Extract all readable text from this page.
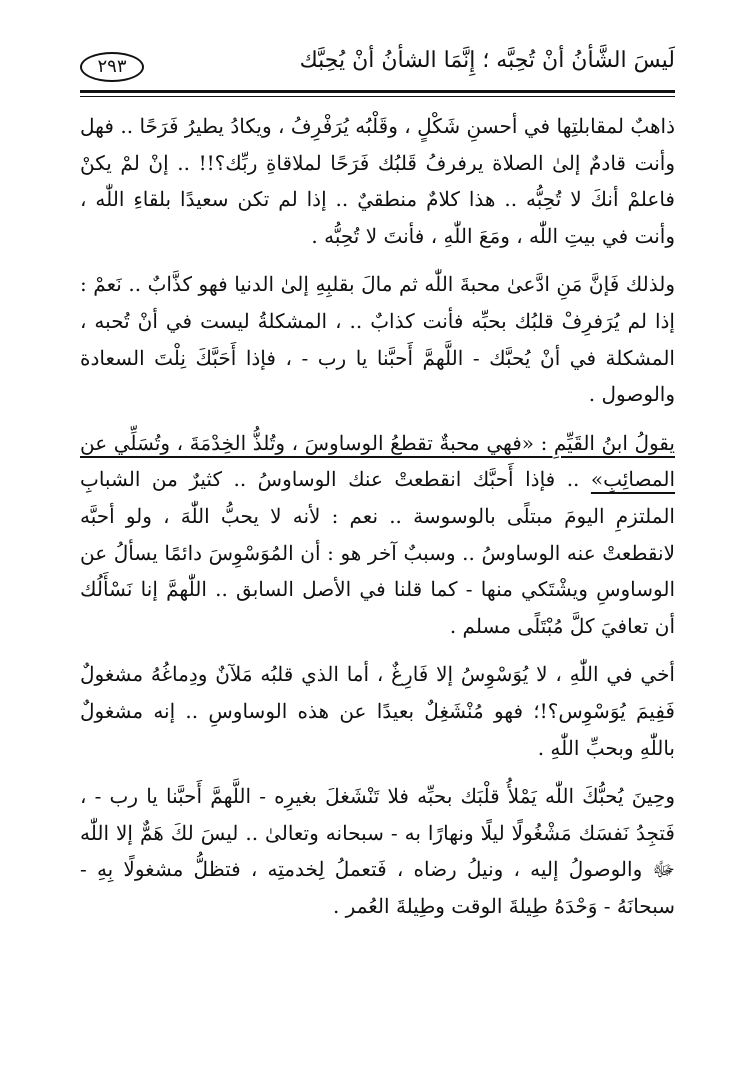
لَيسَ الشَّأنُ أنْ تُحِبَّه ؛ إِنَّمَا الشأنُ أنْ يُحِبَّك
٢٩٣

ذاهبٌ لمقابلتِها في أحسنِ شَكْلٍ ، وقَلْبُه يُرَفْرِفُ ، ويكادُ يطيرُ فَرَحًا .. فهل وأنت قادمٌ إلىٰ الصلاة يرفرفُ قَلبُك فَرَحًا لملاقاةِ ربِّك؟!! .. إنْ لمْ يكنْ فاعلمْ أنكَ لا تُحِبُّه .. هذا كلامٌ منطقيٌ .. إذا لم تكن سعيدًا بلقاءِ اللّٰه ، وأنت في بيتِ اللّٰه ، ومَعَ اللّٰهِ ، فأنتَ لا تُحِبُّه .

ولذلك فَإنَّ مَنِ ادَّعىٰ محبةَ اللّٰه ثم مالَ بقلبِهِ إلىٰ الدنيا فهو كذَّابٌ .. نَعمْ : إذا لم يُرَفرِفْ قلبُك بحبِّه فأنت كذابٌ .. ، المشكلةُ ليست في أنْ تُحبه ، المشكلة في أنْ يُحبَّك - اللَّهمَّ أَحبَّنا يا رب - ، فإذا أَحَبَّكَ نِلْتَ السعادة والوصول .

يقولُ ابنُ القَيِّمِ : «فهي محبةٌ تقطعُ الوساوسَ ، وتُلذُّ الخِدْمَةَ ، وتُسَلِّي عن المصائِبِ» .. فإذا أَحبَّك انقطعتْ عنك الوساوسُ .. كثيرٌ من الشبابِ الملتزمِ اليومَ مبتلًى بالوسوسة .. نعم : لأنه لا يحبُّ اللّٰهَ ، ولو أحبَّه لانقطعتْ عنه الوساوسُ .. وسببٌ آخر هو : أن المُوَسْوِسَ دائمًا يسألُ عن الوساوسِ ويشْتَكي منها - كما قلنا في الأصل السابق .. اللّٰهمَّ إنا نَسْأَلُك أن تعافيَ كلَّ مُبْتَلًى مسلم .

أخي في اللّٰهِ ، لا يُوَسْوِسُ إلا فَارِغٌ ، أما الذي قلبُه مَلآنٌ ودِماغُهُ مشغولٌ فَفِيمَ يُوَسْوِس؟!؛ فهو مُنْشَغِلٌ بعيدًا عن هذه الوساوسِ .. إنه مشغولٌ باللّٰهِ وبحبِّ اللّٰهِ .

وحِينَ يُحبُّكَ اللّٰه يَمْلأُ قلْبَك بحبِّه فلا تَنْشَغلَ بغيرِه - اللَّهمَّ أَحبَّنا يا رب - ، فَتجِدُ نَفسَك مَشْغُولًا ليلًا ونهارًا به - سبحانه وتعالىٰ .. ليسَ لكَ هَمٌّ إلا اللّٰه ﷻ والوصولُ إليه ، ونيلُ رضاه ، فَتعملُ لِخدمتِه ، فتظلُّ مشغولًا بِهِ - سبحانَهُ - وَحْدَهُ طِيلةَ الوقت وطِيلةَ العُمر .
